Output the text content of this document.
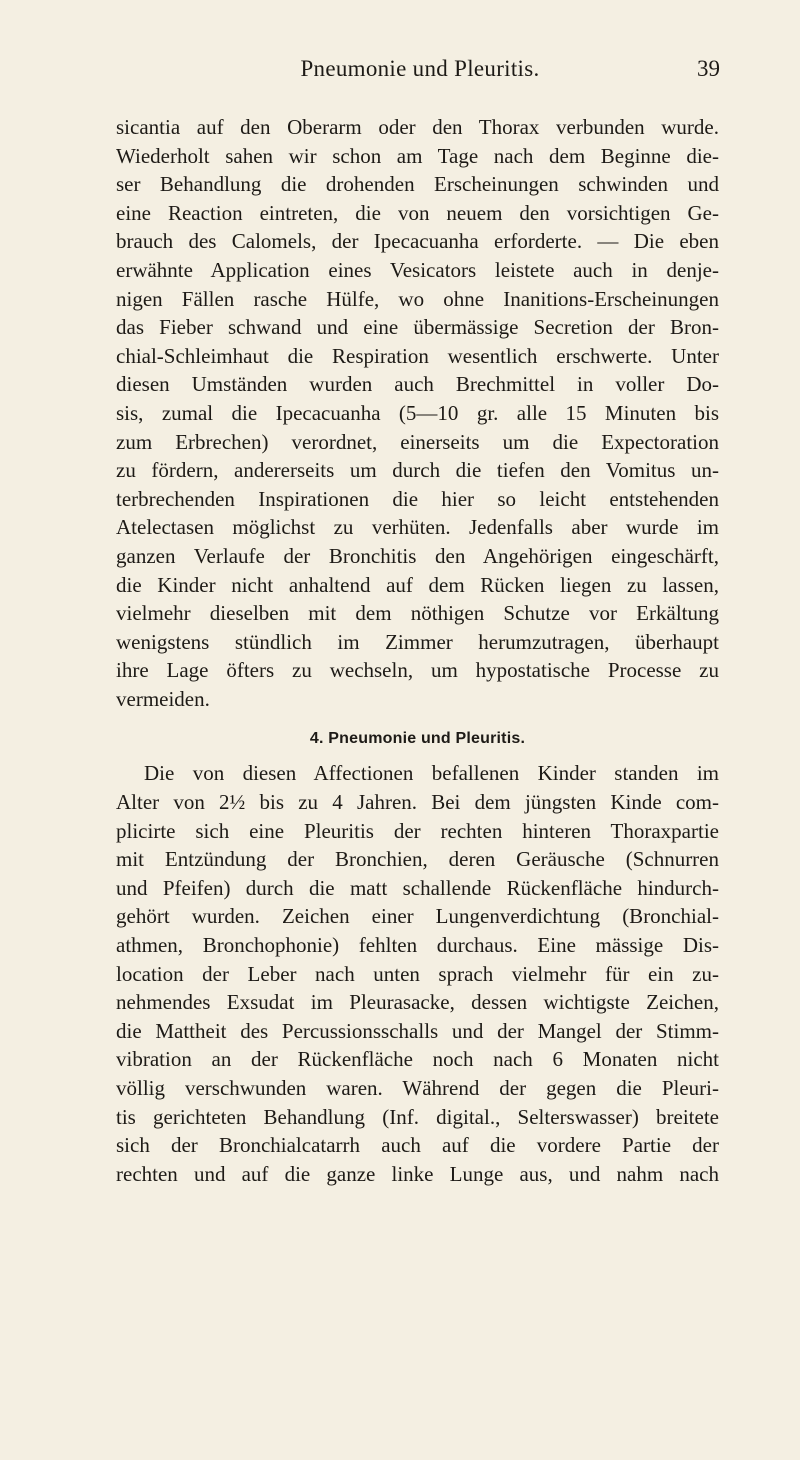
Pneumonie und Pleuritis.	39
sicantia auf den Oberarm oder den Thorax verbunden wurde.
Wiederholt sahen wir schon am Tage nach dem Beginne die-
ser Behandlung die drohenden Erscheinungen schwinden und
eine Reaction eintreten, die von neuem den vorsichtigen Ge-
brauch des Calomels, der Ipecacuanha erforderte. — Die eben
erwähnte Application eines Vesicators leistete auch in denje-
nigen Fällen rasche Hülfe, wo ohne Inanitions-Erscheinungen
das Fieber schwand und eine übermässige Secretion der Bron-
chial-Schleimhaut die Respiration wesentlich erschwerte. Unter
diesen Umständen wurden auch Brechmittel in voller Do-
sis, zumal die Ipecacuanha (5—10 gr. alle 15 Minuten bis
zum Erbrechen) verordnet, einerseits um die Expectoration
zu fördern, andererseits um durch die tiefen den Vomitus un-
terbrechenden Inspirationen die hier so leicht entstehenden
Atelectasen möglichst zu verhüten. Jedenfalls aber wurde im
ganzen Verlaufe der Bronchitis den Angehörigen eingeschärft,
die Kinder nicht anhaltend auf dem Rücken liegen zu lassen,
vielmehr dieselben mit dem nöthigen Schutze vor Erkältung
wenigstens stündlich im Zimmer herumzutragen, überhaupt
ihre Lage öfters zu wechseln, um hypostatische Processe zu
vermeiden.
4. Pneumonie und Pleuritis.
Die von diesen Affectionen befallenen Kinder standen im
Alter von 2½ bis zu 4 Jahren. Bei dem jüngsten Kinde com-
plicirte sich eine Pleuritis der rechten hinteren Thoraxpartie
mit Entzündung der Bronchien, deren Geräusche (Schnurren
und Pfeifen) durch die matt schallende Rückenfläche hindurch-
gehört wurden. Zeichen einer Lungenverdichtung (Bronchial-
athmen, Bronchophonie) fehlten durchaus. Eine mässige Dis-
location der Leber nach unten sprach vielmehr für ein zu-
nehmendes Exsudat im Pleurasacke, dessen wichtigste Zeichen,
die Mattheit des Percussionsschalls und der Mangel der Stimm-
vibration an der Rückenfläche noch nach 6 Monaten nicht
völlig verschwunden waren. Während der gegen die Pleuri-
tis gerichteten Behandlung (Inf. digital., Selterswasser) breitete
sich der Bronchialcatarrh auch auf die vordere Partie der
rechten und auf die ganze linke Lunge aus, und nahm nach
